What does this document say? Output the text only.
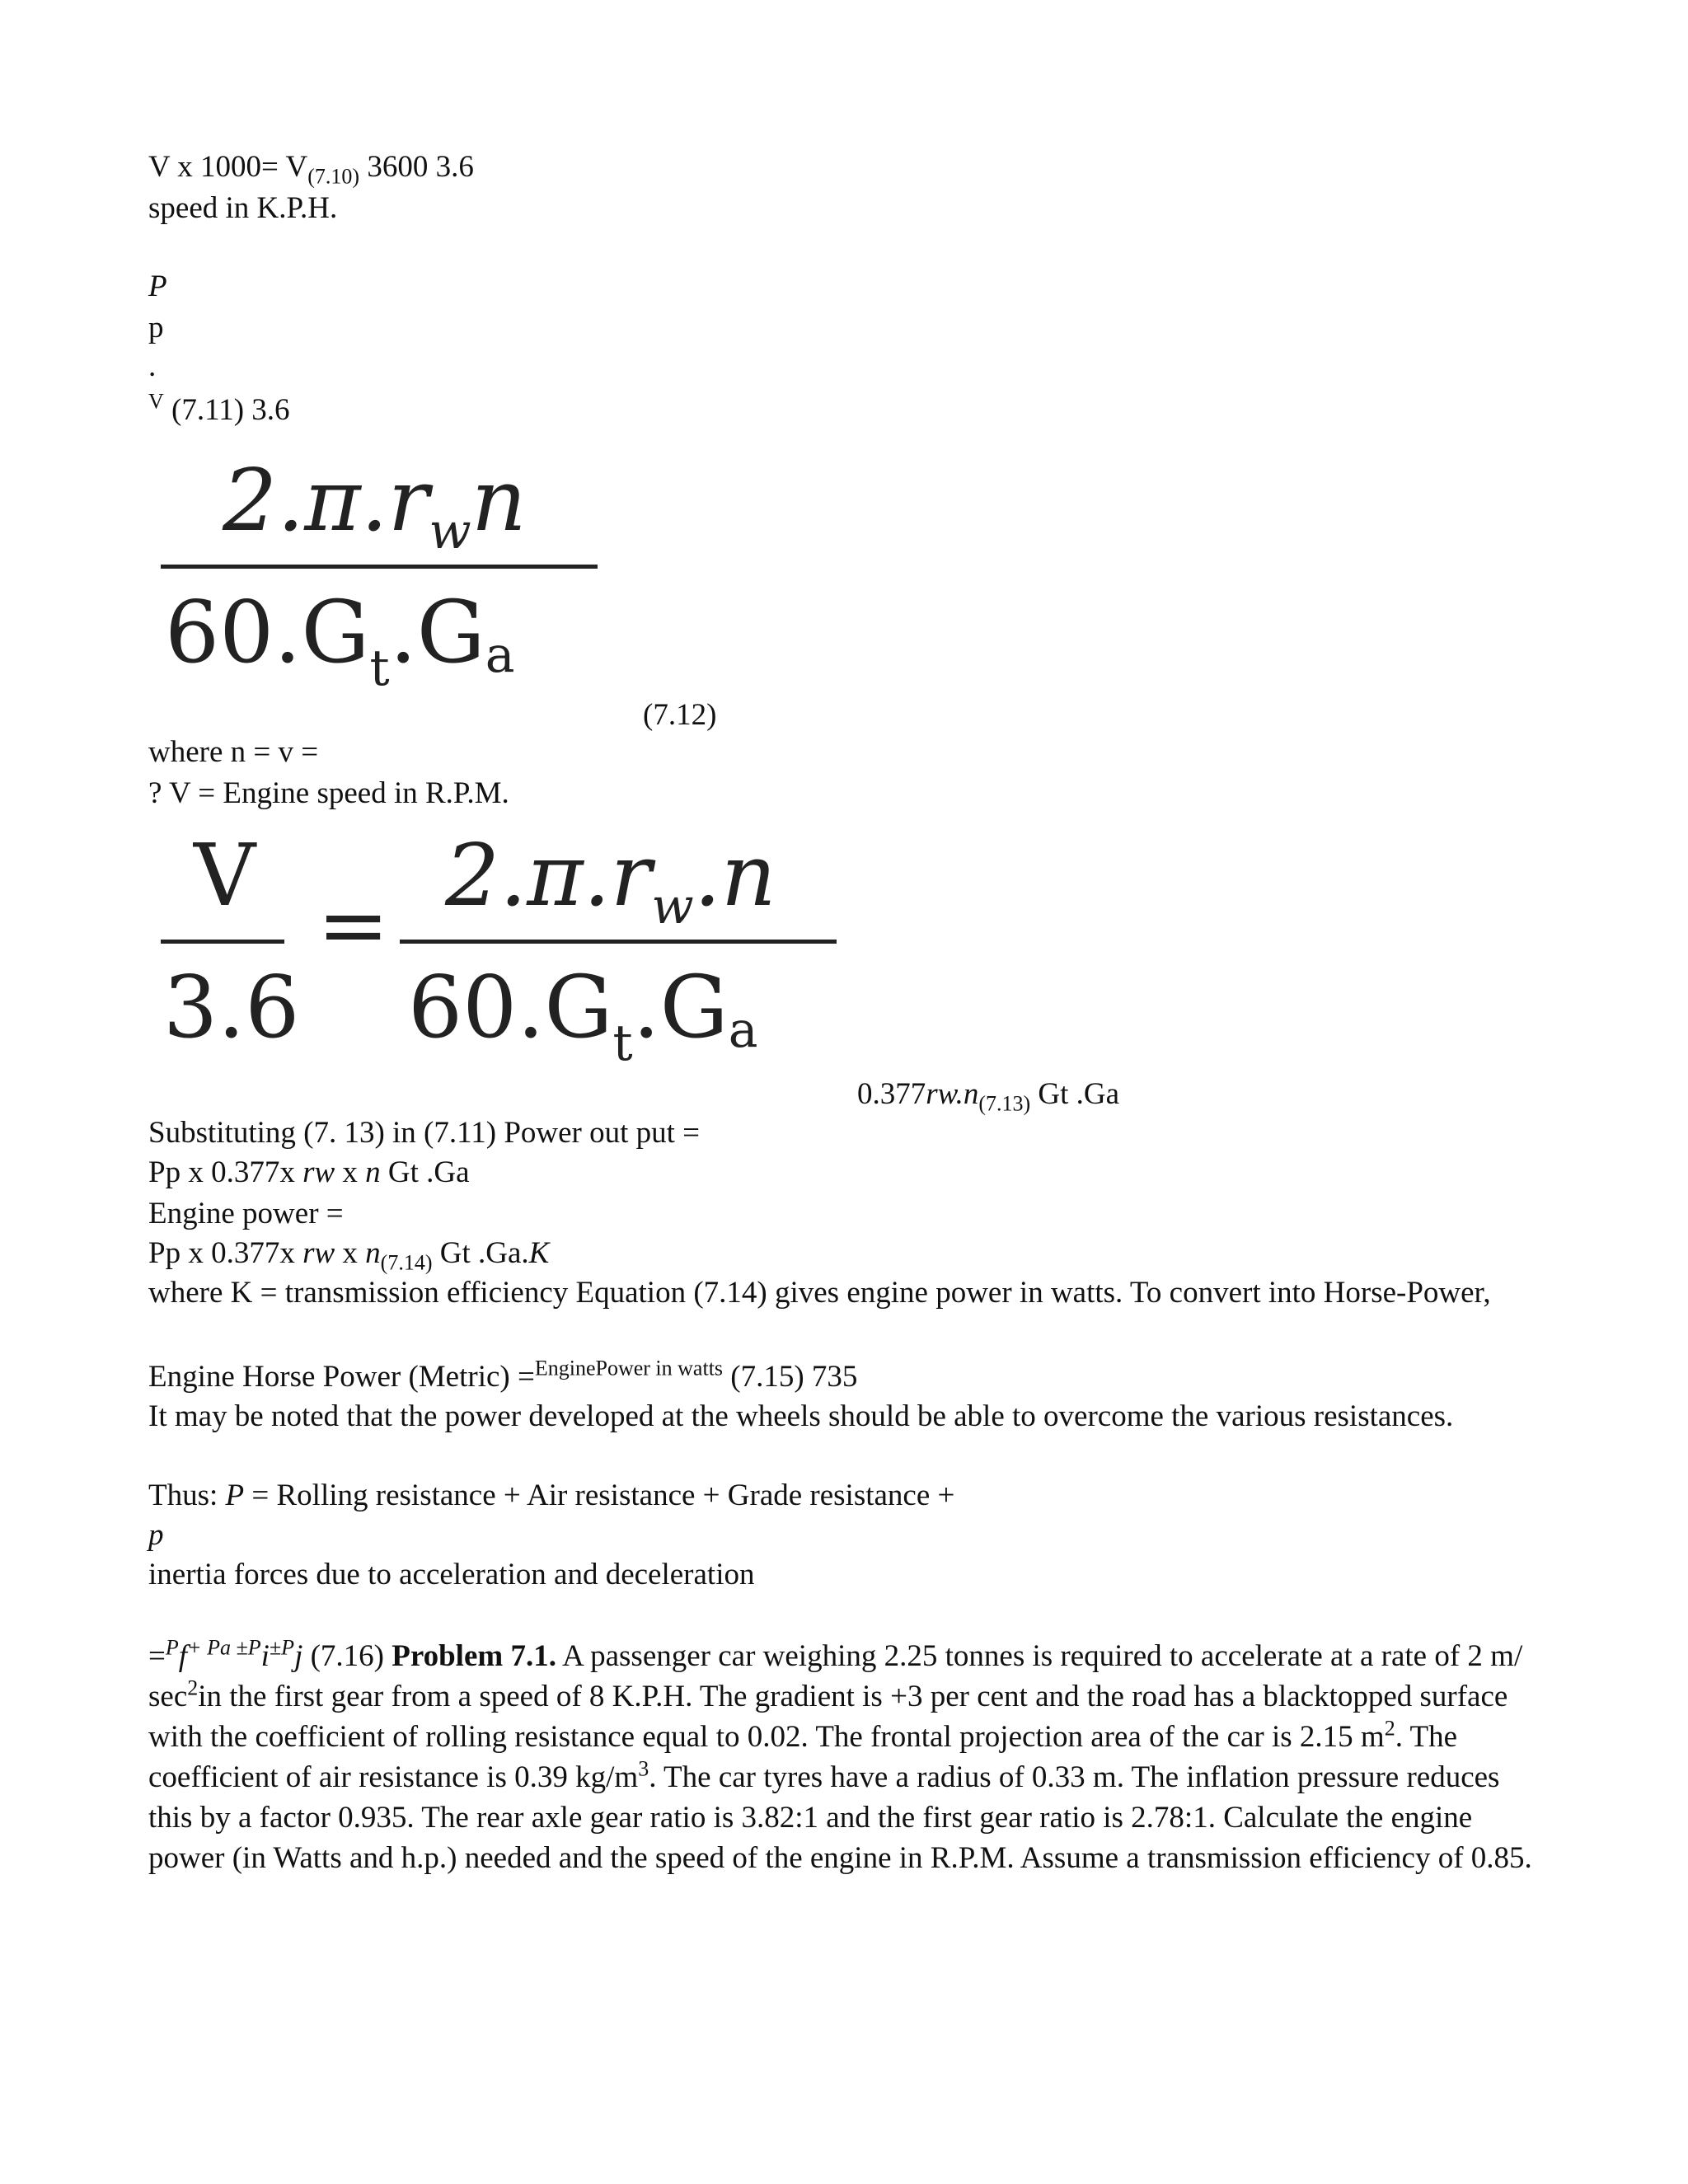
V x $1000= V_{(7.10)}$ 3600 3.6
speed in K.P.H.
P
p
.
$^V$ (7.11) 3.6
$2.\pi.r_wn$
$60.G_t.Ga$
(7.12)
where n = v =
? V = Engine speed in R.P.M.
V
3.6
= $2.\pi.r_w.n$
$60.G_t.Ga$
$0.377rw.n_{(7.13)}$ Gt .Ga
Substituting (7. 13) in (7.11) Power out put =
Pp x 0.377x rw x n Gt .Ga
Engine power =
Pp x 0.377x rw x $n_{(7.14)}$ Gt .Ga.K
where K = transmission efficiency Equation (7.14) gives engine power in watts. To convert into Horse-Power,
Engine Horse Power (Metric) =$^{EnginePower in watts}$ (7.15) 735
It may be noted that the power developed at the wheels should be able to overcome the various resistances.
Thus: P = Rolling resistance + Air resistance + Grade resistance +
p
inertia forces due to acceleration and deceleration
$=^Pf^{+ Pa \pm P}i^{\pm P}j$ (7.16) Problem 7.1. A passenger car weighing 2.25 tonnes is required to accelerate at a rate of 2 m/ $\sec^2in$ the first gear from a speed of 8 K.P.H. The gradient is +3 per cent and the road has a blacktopped surface with the coefficient of rolling resistance equal to 0.02. The frontal projection area of the car is 2.15 $m^2$. The coefficient of air resistance is 0.39 $kg/m^3$. The car tyres have a radius of 0.33 m. The inflation pressure reduces this by a factor 0.935. The rear axle gear ratio is 3.82:1 and the first gear ratio is 2.78:1. Calculate the engine power (in Watts and h.p.) needed and the speed of the engine in R.P.M. Assume a transmission efficiency of 0.85.
